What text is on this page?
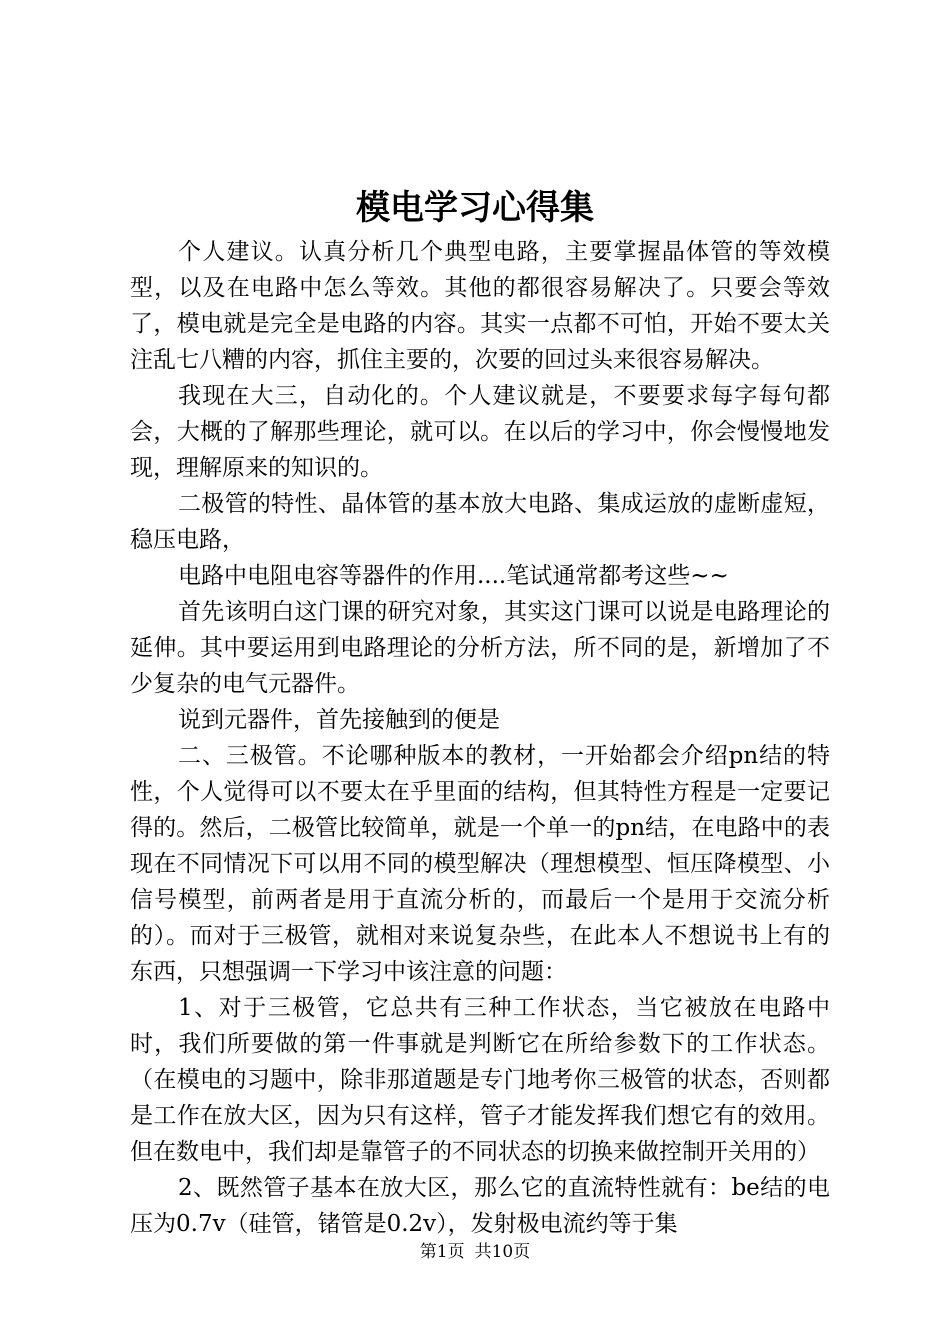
模电学习心得集

个人建议。认真分析几个典型电路，主要掌握晶体管的等效模型，以及在电路中怎么等效。其他的都很容易解决了。只要会等效了，模电就是完全是电路的内容。其实一点都不可怕，开始不要太关注乱七八糟的内容，抓住主要的，次要的回过头来很容易解决。

我现在大三，自动化的。个人建议就是，不要要求每字每句都会，大概的了解那些理论，就可以。在以后的学习中，你会慢慢地发现，理解原来的知识的。

二极管的特性、晶体管的基本放大电路、集成运放的虚断虚短，稳压电路，

电路中电阻电容等器件的作用....笔试通常都考这些~~

首先该明白这门课的研究对象，其实这门课可以说是电路理论的延伸。其中要运用到电路理论的分析方法，所不同的是，新增加了不少复杂的电气元器件。

说到元器件，首先接触到的便是

二、三极管。不论哪种版本的教材，一开始都会介绍pn结的特性，个人觉得可以不要太在乎里面的结构，但其特性方程是一定要记得的。然后，二极管比较简单，就是一个单一的pn结，在电路中的表现在不同情况下可以用不同的模型解决（理想模型、恒压降模型、小信号模型，前两者是用于直流分析的，而最后一个是用于交流分析的）。而对于三极管，就相对来说复杂些，在此本人不想说书上有的东西，只想强调一下学习中该注意的问题：

1、对于三极管，它总共有三种工作状态，当它被放在电路中时，我们所要做的第一件事就是判断它在所给参数下的工作状态。（在模电的习题中，除非那道题是专门地考你三极管的状态，否则都是工作在放大区，因为只有这样，管子才能发挥我们想它有的效用。但在数电中，我们却是靠管子的不同状态的切换来做控制开关用的）

2、既然管子基本在放大区，那么它的直流特性就有：be结的电压为0.7v（硅管，锗管是0.2v），发射极电流约等于集

第1页 共10页
